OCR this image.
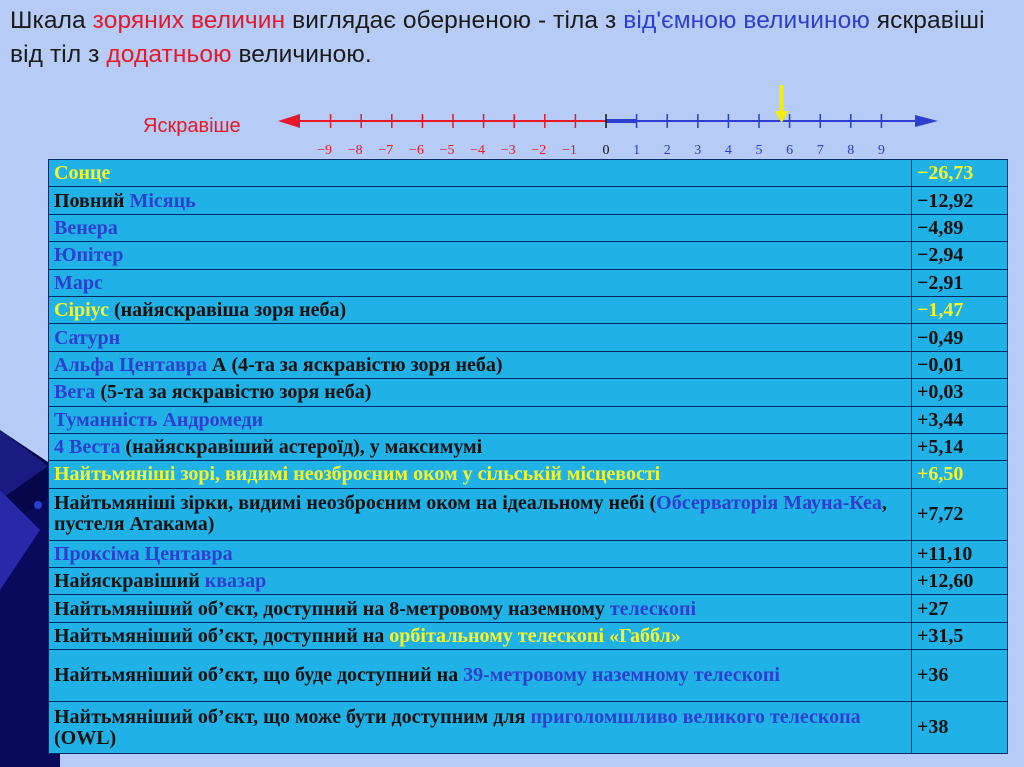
Шкала зоряних величин виглядає оберненою - тіла з від'ємною величиною яскравіші від тіл з додатньою величиною.
Яскравіше
−9 −8 −7 −6 −5 −4 −3 −2 −1 0 1 2 3 4 5 6 7 8 9
Сонце	−26,73
Повний Місяць	−12,92
Венера	−4,89
Юпітер	−2,94
Марс	−2,91
Сіріус (найяскравіша зоря неба)	−1,47
Сатурн	−0,49
Альфа Центавра А (4-та за яскравістю зоря неба)	−0,01
Вега (5-та за яскравістю зоря неба)	+0,03
Туманність Андромеди	+3,44
4 Веста (найяскравіший астероїд), у максимумі	+5,14
Найтьмяніші зорі, видимі неозброєним оком у сільській місцевості	+6,50
Найтьмяніші зірки, видимі неозброєним оком на ідеальному небі (Обсерваторія Мауна-Кеа, пустеля Атакама)	+7,72
Проксіма Центавра	+11,10
Найяскравіший квазар	+12,60
Найтьмяніший об’єкт, доступний на 8-метровому наземному телескопі	+27
Найтьмяніший об’єкт, доступний на орбітальному телескопі «Габбл»	+31,5
Найтьмяніший об’єкт, що буде доступний на 39-метровому наземному телескопі	+36
Найтьмяніший об’єкт, що може бути доступним для приголомшливо великого телескопа (OWL)	+38
